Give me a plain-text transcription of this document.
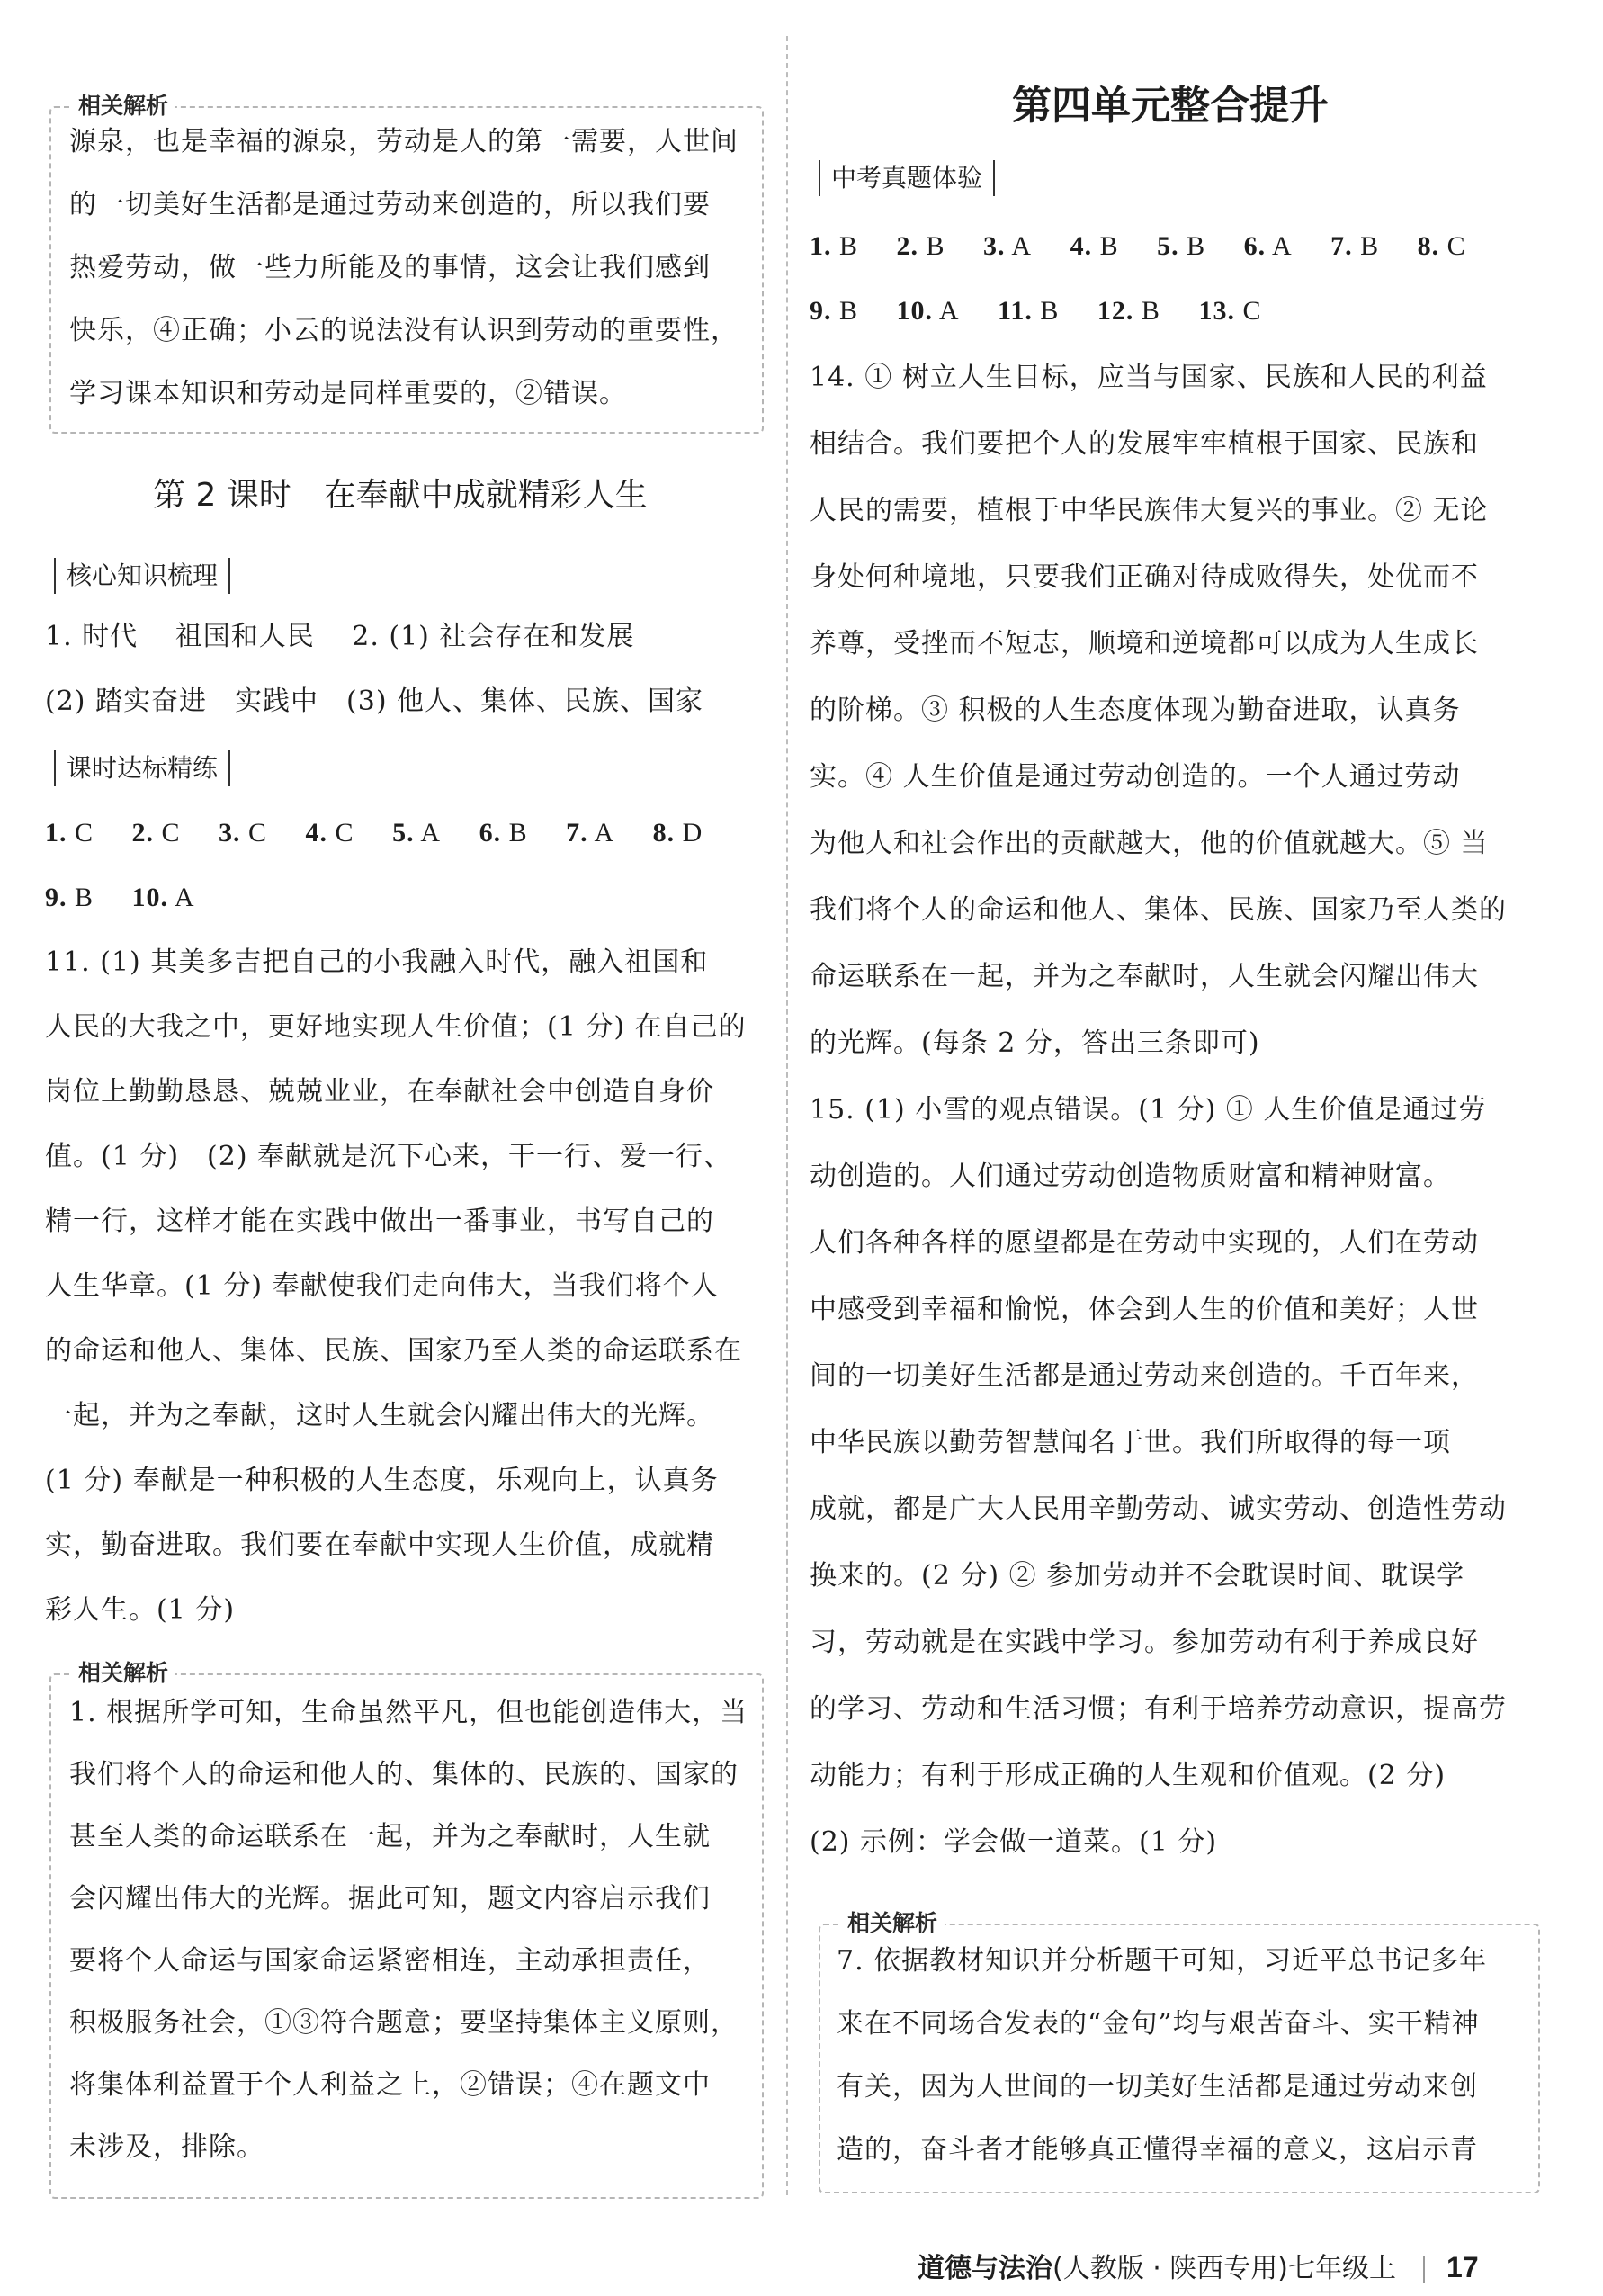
相关解析
源泉，也是幸福的源泉，劳动是人的第一需要，人世间
的一切美好生活都是通过劳动来创造的，所以我们要
热爱劳动，做一些力所能及的事情，这会让我们感到
快乐，④正确；小云的说法没有认识到劳动的重要性，
学习课本知识和劳动是同样重要的，②错误。
第 2 课时　在奉献中成就精彩人生
核心知识梳理
1. 时代　 祖国和人民　 2. (1) 社会存在和发展
(2) 踏实奋进　实践中　(3) 他人、集体、民族、国家
课时达标精练
1. C 2. C 3. C 4. C 5. A 6. B 7. A 8. D
9. B 10. A
11. (1) 其美多吉把自己的小我融入时代，融入祖国和
人民的大我之中，更好地实现人生价值；(1 分) 在自己的
岗位上勤勤恳恳、兢兢业业，在奉献社会中创造自身价
值。(1 分)　(2) 奉献就是沉下心来，干一行、爱一行、
精一行，这样才能在实践中做出一番事业，书写自己的
人生华章。(1 分) 奉献使我们走向伟大，当我们将个人
的命运和他人、集体、民族、国家乃至人类的命运联系在
一起，并为之奉献，这时人生就会闪耀出伟大的光辉。
(1 分) 奉献是一种积极的人生态度，乐观向上，认真务
实，勤奋进取。我们要在奉献中实现人生价值，成就精
彩人生。(1 分)
相关解析
1. 根据所学可知，生命虽然平凡，但也能创造伟大，当
我们将个人的命运和他人的、集体的、民族的、国家的
甚至人类的命运联系在一起，并为之奉献时，人生就
会闪耀出伟大的光辉。据此可知，题文内容启示我们
要将个人命运与国家命运紧密相连，主动承担责任，
积极服务社会，①③符合题意；要坚持集体主义原则，
将集体利益置于个人利益之上，②错误；④在题文中
未涉及，排除。
第四单元整合提升
中考真题体验
1. B 2. B 3. A 4. B 5. B 6. A 7. B 8. C
9. B 10. A 11. B 12. B 13. C
14. ① 树立人生目标，应当与国家、民族和人民的利益
相结合。我们要把个人的发展牢牢植根于国家、民族和
人民的需要，植根于中华民族伟大复兴的事业。② 无论
身处何种境地，只要我们正确对待成败得失，处优而不
养尊，受挫而不短志，顺境和逆境都可以成为人生成长
的阶梯。③ 积极的人生态度体现为勤奋进取，认真务
实。④ 人生价值是通过劳动创造的。一个人通过劳动
为他人和社会作出的贡献越大，他的价值就越大。⑤ 当
我们将个人的命运和他人、集体、民族、国家乃至人类的
命运联系在一起，并为之奉献时，人生就会闪耀出伟大
的光辉。(每条 2 分，答出三条即可)
15. (1) 小雪的观点错误。(1 分) ① 人生价值是通过劳
动创造的。人们通过劳动创造物质财富和精神财富。
人们各种各样的愿望都是在劳动中实现的，人们在劳动
中感受到幸福和愉悦，体会到人生的价值和美好；人世
间的一切美好生活都是通过劳动来创造的。千百年来，
中华民族以勤劳智慧闻名于世。我们所取得的每一项
成就，都是广大人民用辛勤劳动、诚实劳动、创造性劳动
换来的。(2 分) ② 参加劳动并不会耽误时间、耽误学
习，劳动就是在实践中学习。参加劳动有利于养成良好
的学习、劳动和生活习惯；有利于培养劳动意识，提高劳
动能力；有利于形成正确的人生观和价值观。(2 分)
(2) 示例：学会做一道菜。(1 分)
相关解析
7. 依据教材知识并分析题干可知，习近平总书记多年
来在不同场合发表的“金句”均与艰苦奋斗、实干精神
有关，因为人世间的一切美好生活都是通过劳动来创
造的，奋斗者才能够真正懂得幸福的意义，这启示青
道德与法治(人教版 · 陕西专用)七年级上 17
